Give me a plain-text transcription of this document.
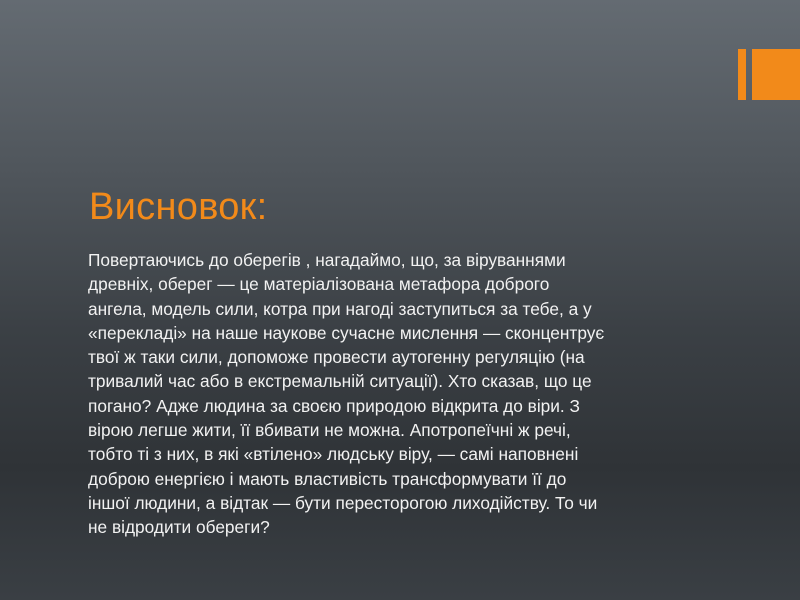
Висновок:

Повертаючись до оберегів , нагадаймо, що, за віруваннями
древніх, оберег — це матеріалізована метафора доброго
ангела, модель сили, котра при нагоді заступиться за тебе, а у
«перекладі» на наше наукове сучасне мислення — сконцентрує
твої ж таки сили, допоможе провести аутогенну регуляцію (на
тривалий час або в екстремальній ситуації). Хто сказав, що це
погано? Адже людина за своєю природою відкрита до віри. З
вірою легше жити, її вбивати не можна. Апотропеїчні ж речі,
тобто ті з них, в які «втілено» людську віру, — самі наповнені
доброю енергією і мають властивість трансформувати її до
іншої людини, а відтак — бути пересторогою лиходійству. То чи
не відродити обереги?
